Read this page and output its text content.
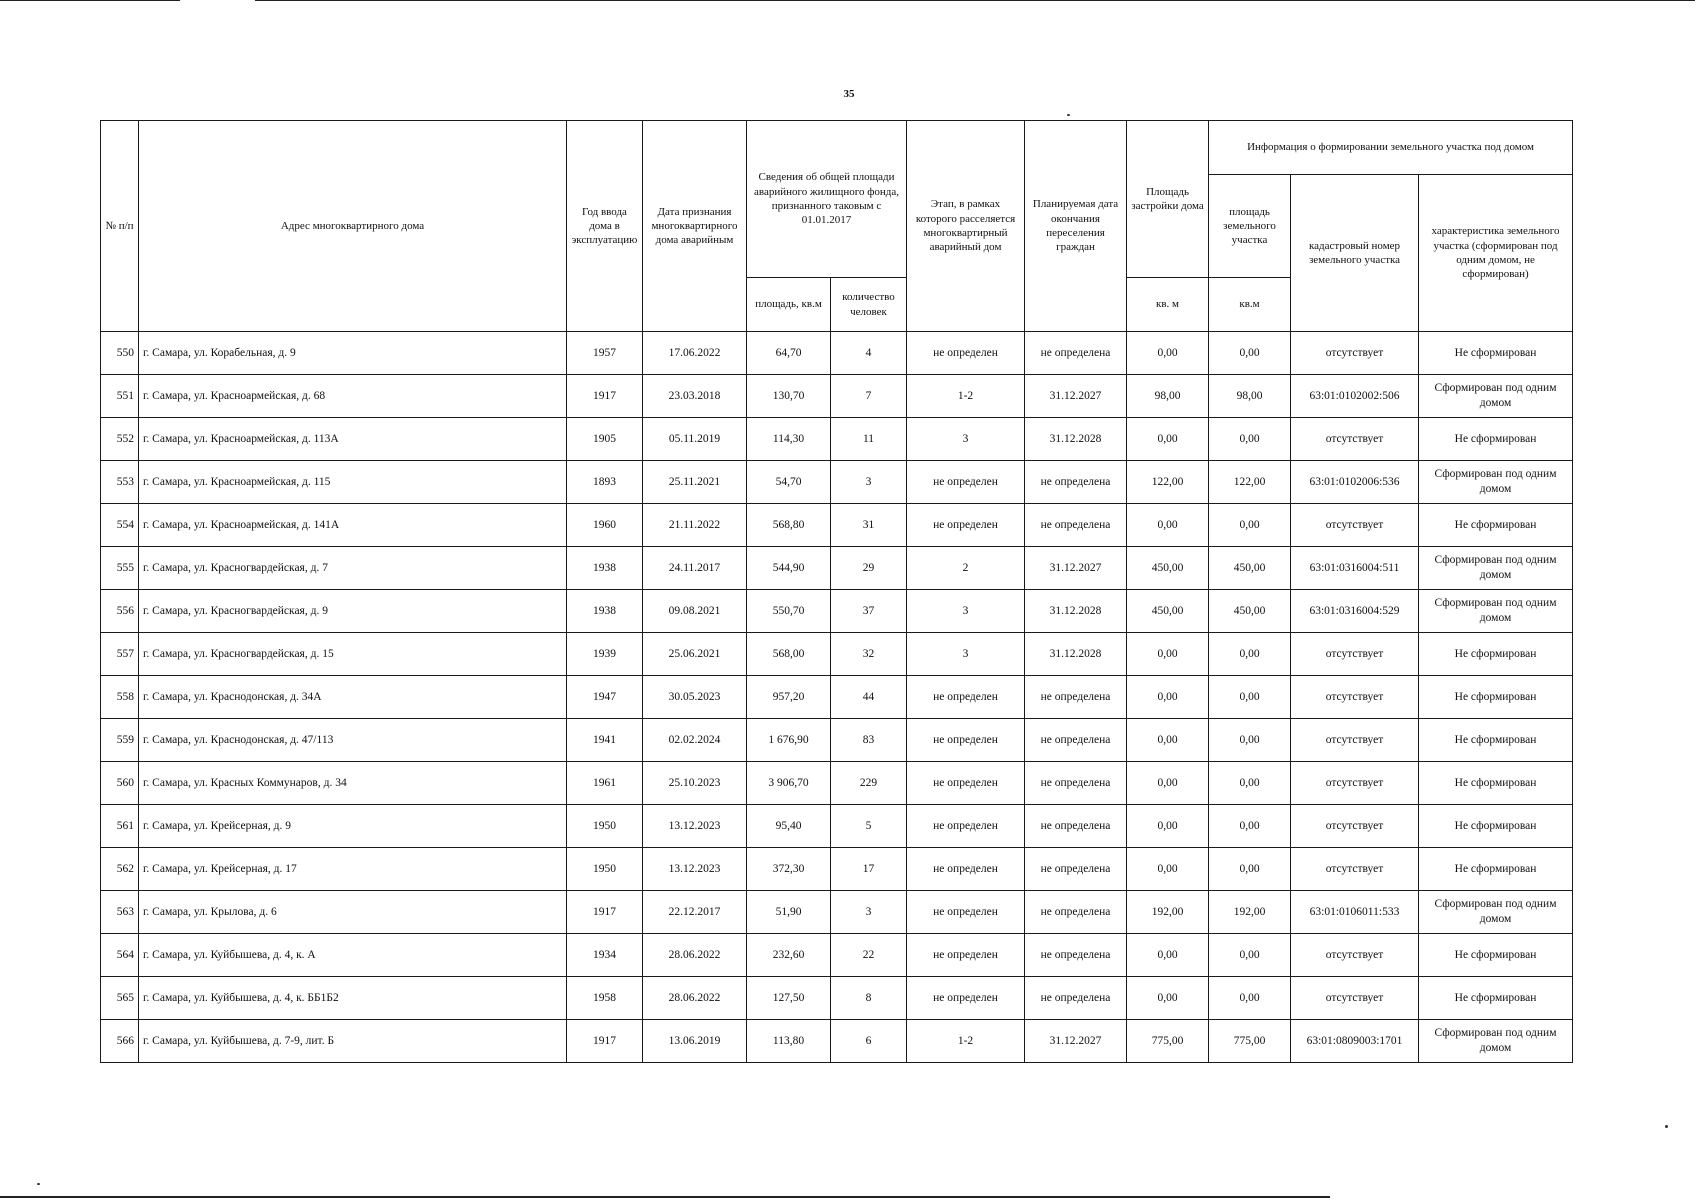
35
№ п/п	Адрес многоквартирного дома	Год ввода дома в эксплуатацию	Дата признания многоквартирного дома аварийным	Сведения об общей площади аварийного жилищного фонда, признанного таковым с 01.01.2017		Этап, в рамках которого расселяется многоквартирный аварийный дом	Планируемая дата окончания переселения граждан	Площадь застройки дома	Информация о формировании земельного участка под домом		
									площадь земельного участка	кадастровый номер земельного участка	характеристика земельного участка (сформирован под одним домом, не сформирован)
				площадь, кв.м	количество человек			кв. м	кв.м		
550	г. Самара, ул. Корабельная, д. 9	1957	17.06.2022	64,70	4	не определен	не определена	0,00	0,00	отсутствует	Не сформирован
551	г. Самара, ул. Красноармейская, д. 68	1917	23.03.2018	130,70	7	1-2	31.12.2027	98,00	98,00	63:01:0102002:506	Сформирован под одним домом
552	г. Самара, ул. Красноармейская, д. 113А	1905	05.11.2019	114,30	11	3	31.12.2028	0,00	0,00	отсутствует	Не сформирован
553	г. Самара, ул. Красноармейская, д. 115	1893	25.11.2021	54,70	3	не определен	не определена	122,00	122,00	63:01:0102006:536	Сформирован под одним домом
554	г. Самара, ул. Красноармейская, д. 141А	1960	21.11.2022	568,80	31	не определен	не определена	0,00	0,00	отсутствует	Не сформирован
555	г. Самара, ул. Красногвардейская, д. 7	1938	24.11.2017	544,90	29	2	31.12.2027	450,00	450,00	63:01:0316004:511	Сформирован под одним домом
556	г. Самара, ул. Красногвардейская, д. 9	1938	09.08.2021	550,70	37	3	31.12.2028	450,00	450,00	63:01:0316004:529	Сформирован под одним домом
557	г. Самара, ул. Красногвардейская, д. 15	1939	25.06.2021	568,00	32	3	31.12.2028	0,00	0,00	отсутствует	Не сформирован
558	г. Самара, ул. Краснодонская, д. 34А	1947	30.05.2023	957,20	44	не определен	не определена	0,00	0,00	отсутствует	Не сформирован
559	г. Самара, ул. Краснодонская, д. 47/113	1941	02.02.2024	1 676,90	83	не определен	не определена	0,00	0,00	отсутствует	Не сформирован
560	г. Самара, ул. Красных Коммунаров, д. 34	1961	25.10.2023	3 906,70	229	не определен	не определена	0,00	0,00	отсутствует	Не сформирован
561	г. Самара, ул. Крейсерная, д. 9	1950	13.12.2023	95,40	5	не определен	не определена	0,00	0,00	отсутствует	Не сформирован
562	г. Самара, ул. Крейсерная, д. 17	1950	13.12.2023	372,30	17	не определен	не определена	0,00	0,00	отсутствует	Не сформирован
563	г. Самара, ул. Крылова, д. 6	1917	22.12.2017	51,90	3	не определен	не определена	192,00	192,00	63:01:0106011:533	Сформирован под одним домом
564	г. Самара, ул. Куйбышева, д. 4, к. А	1934	28.06.2022	232,60	22	не определен	не определена	0,00	0,00	отсутствует	Не сформирован
565	г. Самара, ул. Куйбышева, д. 4, к. ББ1Б2	1958	28.06.2022	127,50	8	не определен	не определена	0,00	0,00	отсутствует	Не сформирован
566	г. Самара, ул. Куйбышева, д. 7-9, лит. Б	1917	13.06.2019	113,80	6	1-2	31.12.2027	775,00	775,00	63:01:0809003:1701	Сформирован под одним домом
